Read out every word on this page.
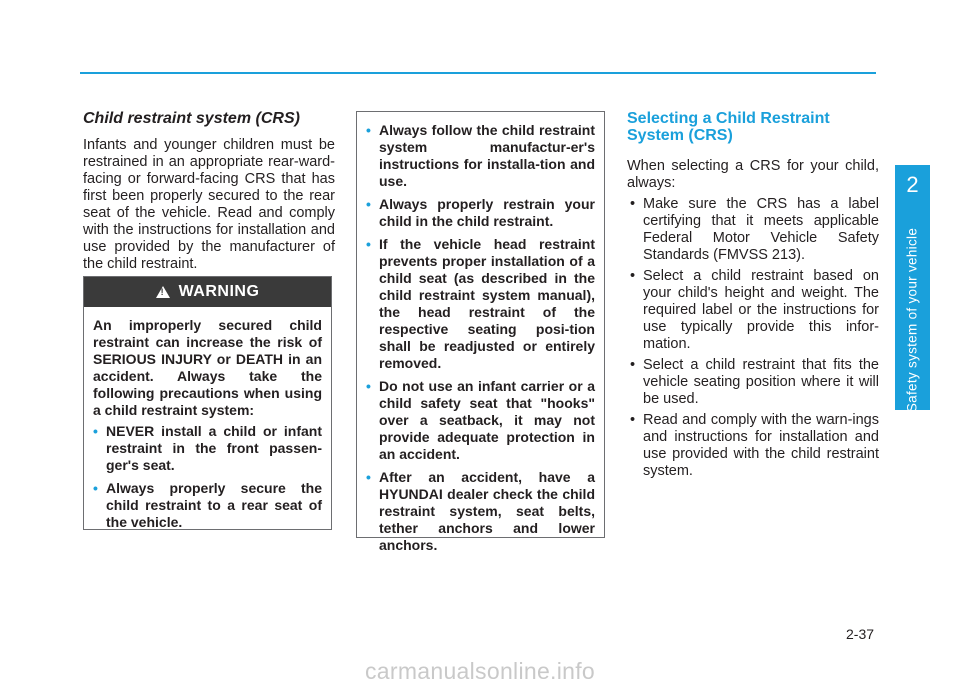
2
Safety system of your vehicle
Child restraint system (CRS)

Infants and younger children must be restrained in an appropriate rear-ward-facing or forward-facing CRS that has first been properly secured to the rear seat of the vehicle. Read and comply with the instructions for installation and use provided by the manufacturer of the child restraint.

!
WARNING

An improperly secured child restraint can increase the risk of SERIOUS INJURY or DEATH in an accident. Always take the following precautions when using a child restraint system:

• NEVER install a child or infant restraint in the front passen-ger's seat.
• Always properly secure the child restraint to a rear seat of the vehicle.
• Always follow the child restraint system manufactur-er's instructions for installa-tion and use.
• Always properly restrain your child in the child restraint.
• If the vehicle head restraint prevents proper installation of a child seat (as described in the child restraint system manual), the head restraint of the respective seating posi-tion shall be readjusted or entirely removed.
• Do not use an infant carrier or a child safety seat that "hooks" over a seatback, it may not provide adequate protection in an accident.
• After an accident, have a HYUNDAI dealer check the child restraint system, seat belts, tether anchors and lower anchors.
Selecting a Child Restraint System (CRS)

When selecting a CRS for your child, always:

• Make sure the CRS has a label certifying that it meets applicable Federal Motor Vehicle Safety Standards (FMVSS 213).
• Select a child restraint based on your child's height and weight. The required label or the instructions for use typically provide this infor-mation.
• Select a child restraint that fits the vehicle seating position where it will be used.
• Read and comply with the warn-ings and instructions for installation and use provided with the child restraint system.
2-37
carmanualsonline.info
